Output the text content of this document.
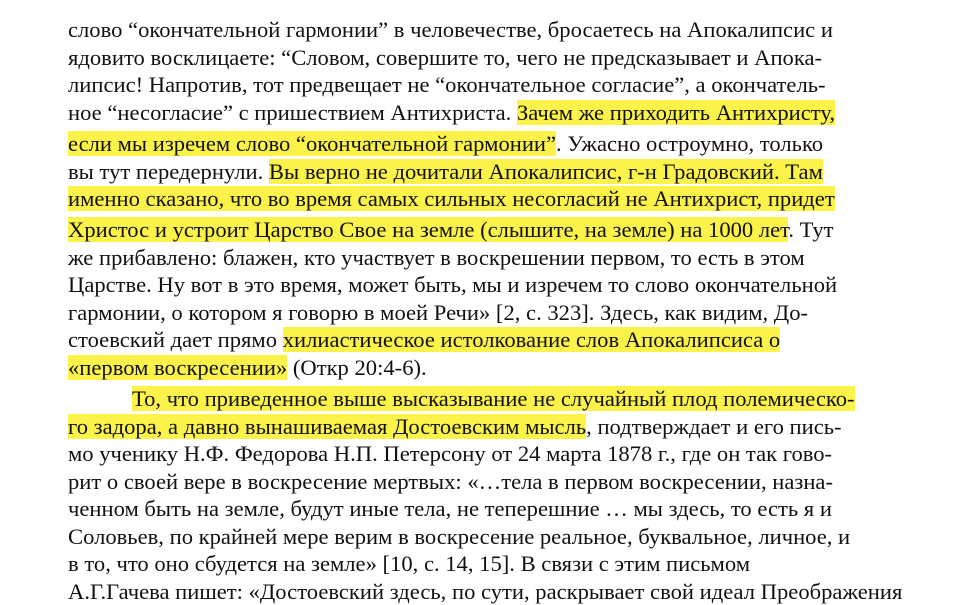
слово “окончательной гармонии” в человечестве, бросаетесь на Апокалипсис и
ядовито восклицаете: “Словом, совершите то, чего не предсказывает и Апока-
липсис! Напротив, тот предвещает не “окончательное согласие”, а окончатель-
ное “несогласие” с пришествием Антихриста. Зачем же приходить Антихристу,
если мы изречем слово “окончательной гармонии”. Ужасно остроумно, только
вы тут передернули. Вы верно не дочитали Апокалипсис, г-н Градовский. Там
именно сказано, что во время самых сильных несогласий не Антихрист, придет
Христос и устроит Царство Свое на земле (слышите, на земле) на 1000 лет. Тут
же прибавлено: блажен, кто участвует в воскрешении первом, то есть в этом
Царстве. Ну вот в это время, может быть, мы и изречем то слово окончательной
гармонии, о котором я говорю в моей Речи» [2, с. 323]. Здесь, как видим, До-
стоевский дает прямо хилиастическое истолкование слов Апокалипсиса о
«первом воскресении» (Откр 20:4-6).
То, что приведенное выше высказывание не случайный плод полемическо-
го задора, а давно вынашиваемая Достоевским мысль, подтверждает и его пись-
мо ученику Н.Ф. Федорова Н.П. Петерсону от 24 марта 1878 г., где он так гово-
рит о своей вере в воскресение мертвых: «…тела в первом воскресении, назна-
ченном быть на земле, будут иные тела, не теперешние … мы здесь, то есть я и
Соловьев, по крайней мере верим в воскресение реальное, буквальное, личное, и
в то, что оно сбудется на земле» [10, с. 14, 15]. В связи с этим письмом
А.Г.Гачева пишет: «Достоевский здесь, по сути, раскрывает свой идеал Преображения
